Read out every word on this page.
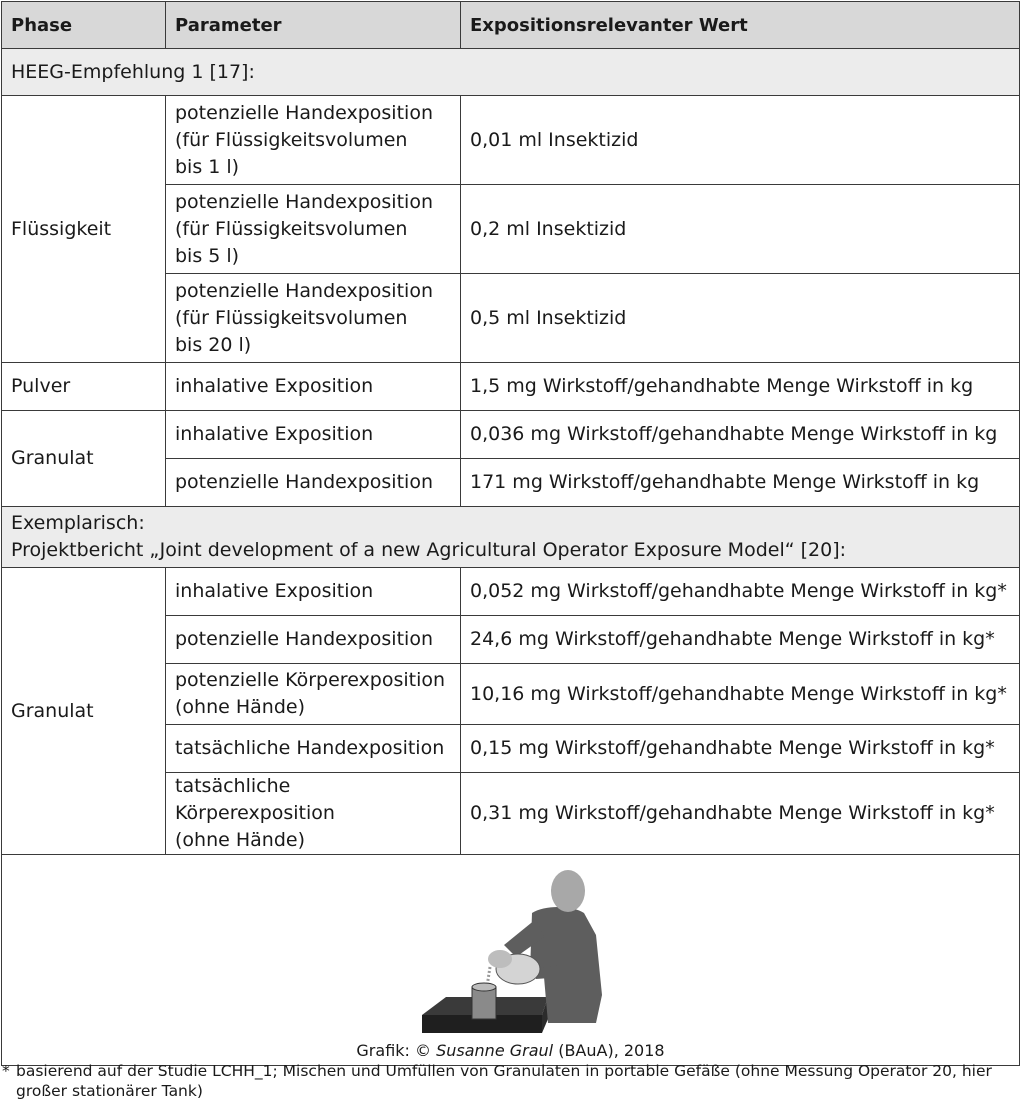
Phase	Parameter	Expositionsrelevanter Wert
HEEG-Empfehlung 1 [17]:		
Flüssigkeit	potenzielle Handexposition
(für Flüssigkeitsvolumen
bis 1 l)	0,01 ml Insektizid
	potenzielle Handexposition
(für Flüssigkeitsvolumen
bis 5 l)	0,2 ml Insektizid
	potenzielle Handexposition
(für Flüssigkeitsvolumen
bis 20 l)	0,5 ml Insektizid
Pulver	inhalative Exposition	1,5 mg Wirkstoff/gehandhabte Menge Wirkstoff in kg
Granulat	inhalative Exposition	0,036 mg Wirkstoff/gehandhabte Menge Wirkstoff in kg
	potenzielle Handexposition	171 mg Wirkstoff/gehandhabte Menge Wirkstoff in kg
Exemplarisch:
Projektbericht „Joint development of a new Agricultural Operator Exposure Model“ [20]:		
Granulat	inhalative Exposition	0,052 mg Wirkstoff/gehandhabte Menge Wirkstoff in kg*
	potenzielle Handexposition	24,6 mg Wirkstoff/gehandhabte Menge Wirkstoff in kg*
	potenzielle Körperexposition
(ohne Hände)	10,16 mg Wirkstoff/gehandhabte Menge Wirkstoff in kg*
	tatsächliche Handexposition	0,15 mg Wirkstoff/gehandhabte Menge Wirkstoff in kg*
	tatsächliche Körperexposition
(ohne Hände)	0,31 mg Wirkstoff/gehandhabte Menge Wirkstoff in kg*

Grafik: © Susanne Graul (BAuA), 2018		
* basierend auf der Studie LCHH_1; Mischen und Umfüllen von Granulaten in portable Gefäße (ohne Messung Operator 20, hier großer stationärer Tank)
